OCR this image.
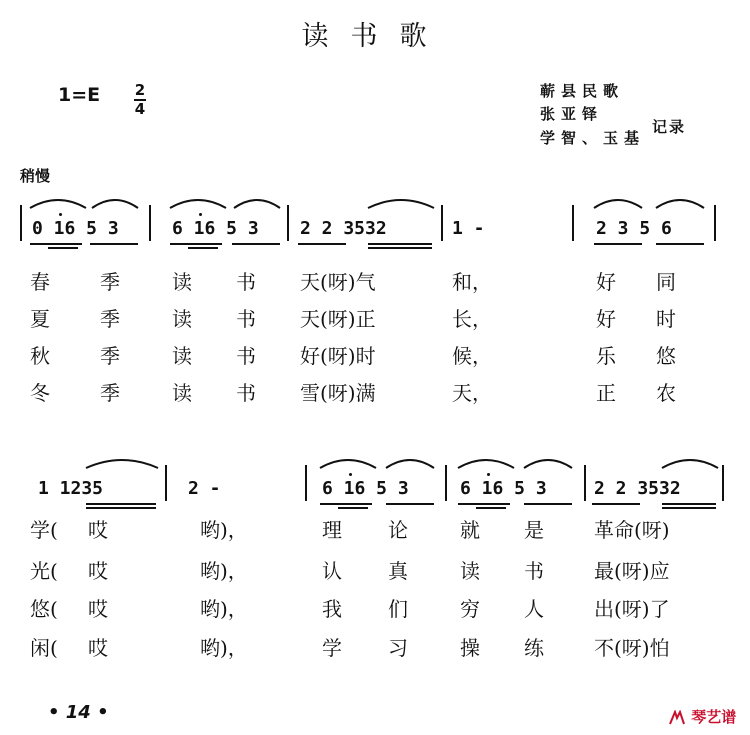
读书歌
1=E 2
4
蕲县民歌
张亚铎
学智、玉基
记录
稍慢
0 16 5 3	6 16 5 3 2 2 3532	1 -	2 3 5 6
春	季	读 书 天(呀)气	和，	好 同
夏	季	读 书 天(呀)正	长，	好 时
秋	季	读 书 好(呀)时	候，	乐 悠
冬	季	读 书 雪(呀)满	天，	正 农
1 1235	2 -	6 16 5 3	6 16 5 3	2 2 3532
学( 哎	哟)，	理 论	就 是	革命(呀)
光( 哎	哟)，	认 真	读 书	最(呀)应
悠( 哎	哟)，	我 们	穷 人	出(呀)了
闲( 哎	哟)，	学 习	操 练	不(呀)怕
• 14 •	琴艺谱
